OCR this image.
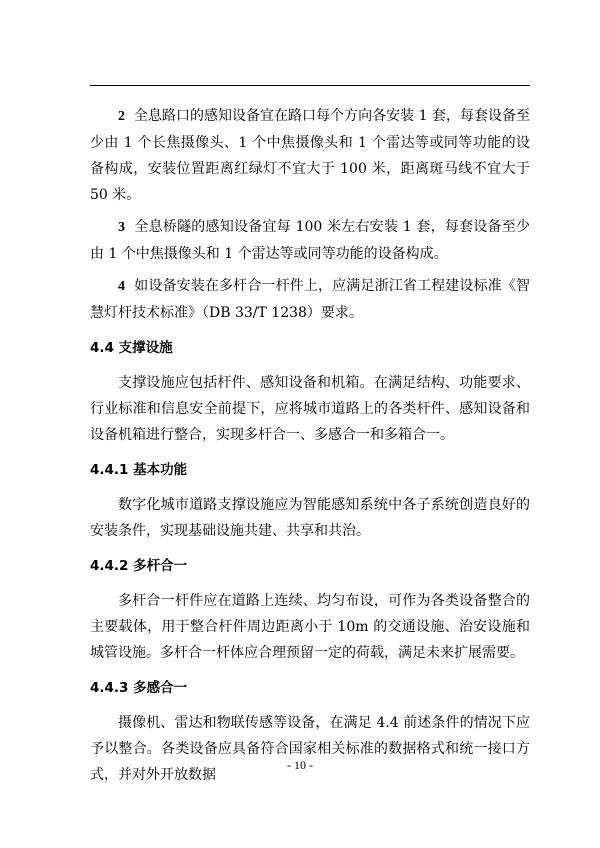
2 全息路口的感知设备宜在路口每个方向各安装 1 套，每套设备至少由 1 个长焦摄像头、1 个中焦摄像头和 1 个雷达等或同等功能的设备构成，安装位置距离红绿灯不宜大于 100 米，距离斑马线不宜大于 50 米。

3 全息桥隧的感知设备宜每 100 米左右安装 1 套，每套设备至少由 1 个中焦摄像头和 1 个雷达等或同等功能的设备构成。

4 如设备安装在多杆合一杆件上，应满足浙江省工程建设标准《智慧灯杆技术标准》（DB 33/T 1238）要求。

4.4 支撑设施

支撑设施应包括杆件、感知设备和机箱。在满足结构、功能要求、行业标准和信息安全前提下，应将城市道路上的各类杆件、感知设备和设备机箱进行整合，实现多杆合一、多感合一和多箱合一。

4.4.1 基本功能

数字化城市道路支撑设施应为智能感知系统中各子系统创造良好的安装条件，实现基础设施共建、共享和共治。

4.4.2 多杆合一

多杆合一杆件应在道路上连续、均匀布设，可作为各类设备整合的主要载体，用于整合杆件周边距离小于 10m 的交通设施、治安设施和城管设施。多杆合一杆体应合理预留一定的荷载，满足未来扩展需要。

4.4.3 多感合一

摄像机、雷达和物联传感等设备，在满足 4.4 前述条件的情况下应予以整合。各类设备应具备符合国家相关标准的数据格式和统一接口方式，并对外开放数据

- 10 -
